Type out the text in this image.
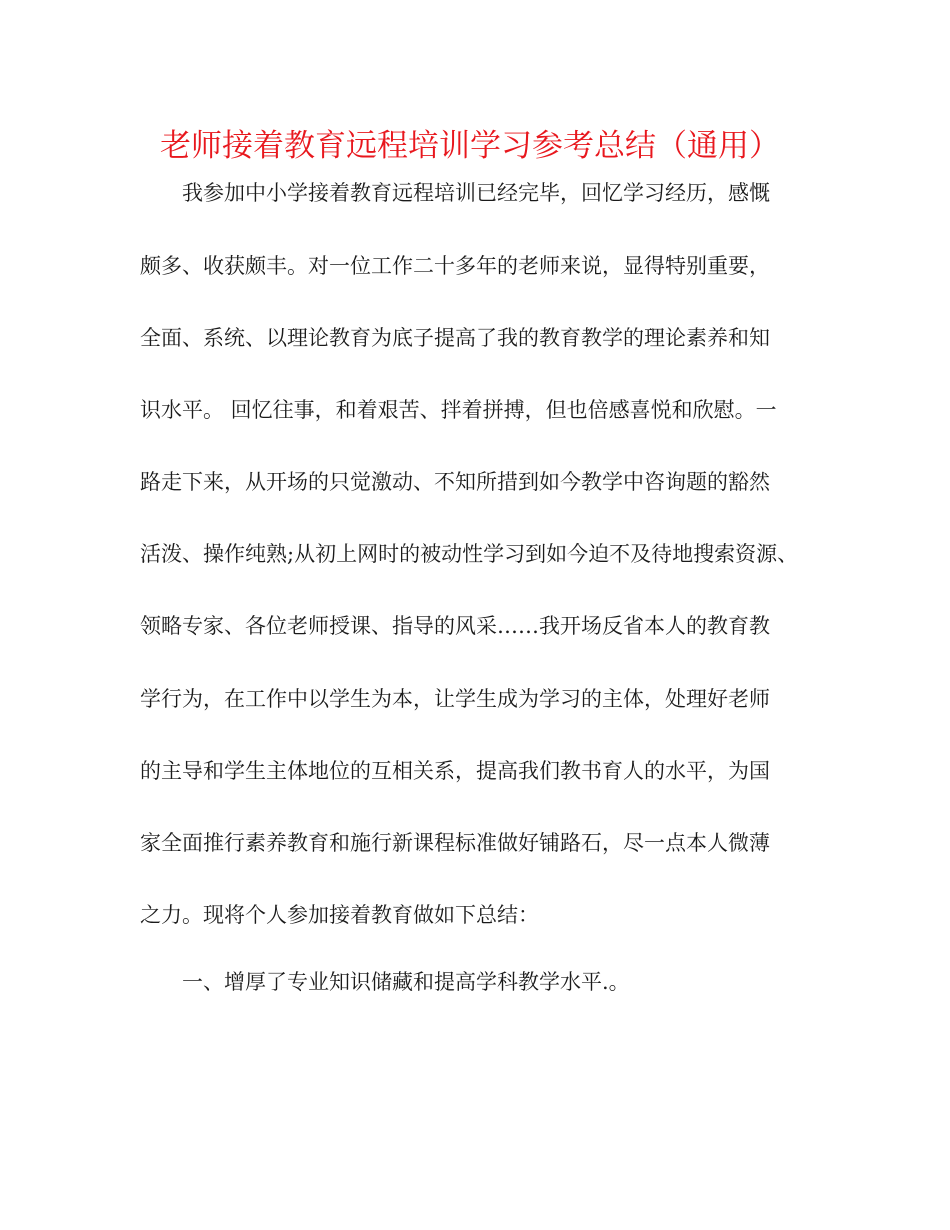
老师接着教育远程培训学习参考总结（通用）
我参加中小学接着教育远程培训已经完毕，回忆学习经历，感慨
颇多、收获颇丰。对一位工作二十多年的老师来说，显得特别重要，
全面、系统、以理论教育为底子提高了我的教育教学的理论素养和知
识水平。 回忆往事，和着艰苦、拌着拼搏，但也倍感喜悦和欣慰。一
路走下来，从开场的只觉激动、不知所措到如今教学中咨询题的豁然
活泼、操作纯熟;从初上网时的被动性学习到如今迫不及待地搜索资源、
领略专家、各位老师授课、指导的风采……我开场反省本人的教育教
学行为，在工作中以学生为本，让学生成为学习的主体，处理好老师
的主导和学生主体地位的互相关系，提高我们教书育人的水平，为国
家全面推行素养教育和施行新课程标准做好铺路石，尽一点本人微薄
之力。现将个人参加接着教育做如下总结：
一、增厚了专业知识储藏和提高学科教学水平.。
